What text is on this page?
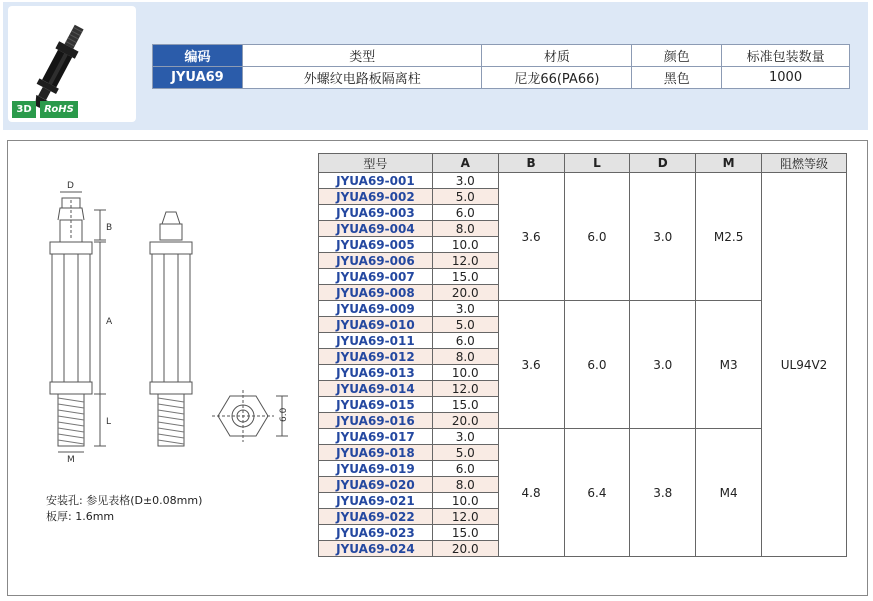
3D	RoHS
编码	类型	材质	颜色	标准包装数量
JYUA69	外螺纹电路板隔离柱	尼龙66(PA66)	黑色	1000
D
B
A
L
M
6.0
安装孔: 参见表格(D±0.08mm)
板厚: 1.6mm
型号	A	B	L	D	M	阻燃等级
JYUA69-001	3.0	3.6	6.0	3.0	M2.5	UL94V2
JYUA69-002	5.0					
JYUA69-003	6.0					
JYUA69-004	8.0					
JYUA69-005	10.0					
JYUA69-006	12.0					
JYUA69-007	15.0					
JYUA69-008	20.0					
JYUA69-009	3.0	3.6	6.0	3.0	M3	
JYUA69-010	5.0					
JYUA69-011	6.0					
JYUA69-012	8.0					
JYUA69-013	10.0					
JYUA69-014	12.0					
JYUA69-015	15.0					
JYUA69-016	20.0					
JYUA69-017	3.0	4.8	6.4	3.8	M4	
JYUA69-018	5.0					
JYUA69-019	6.0					
JYUA69-020	8.0					
JYUA69-021	10.0					
JYUA69-022	12.0					
JYUA69-023	15.0					
JYUA69-024	20.0					
